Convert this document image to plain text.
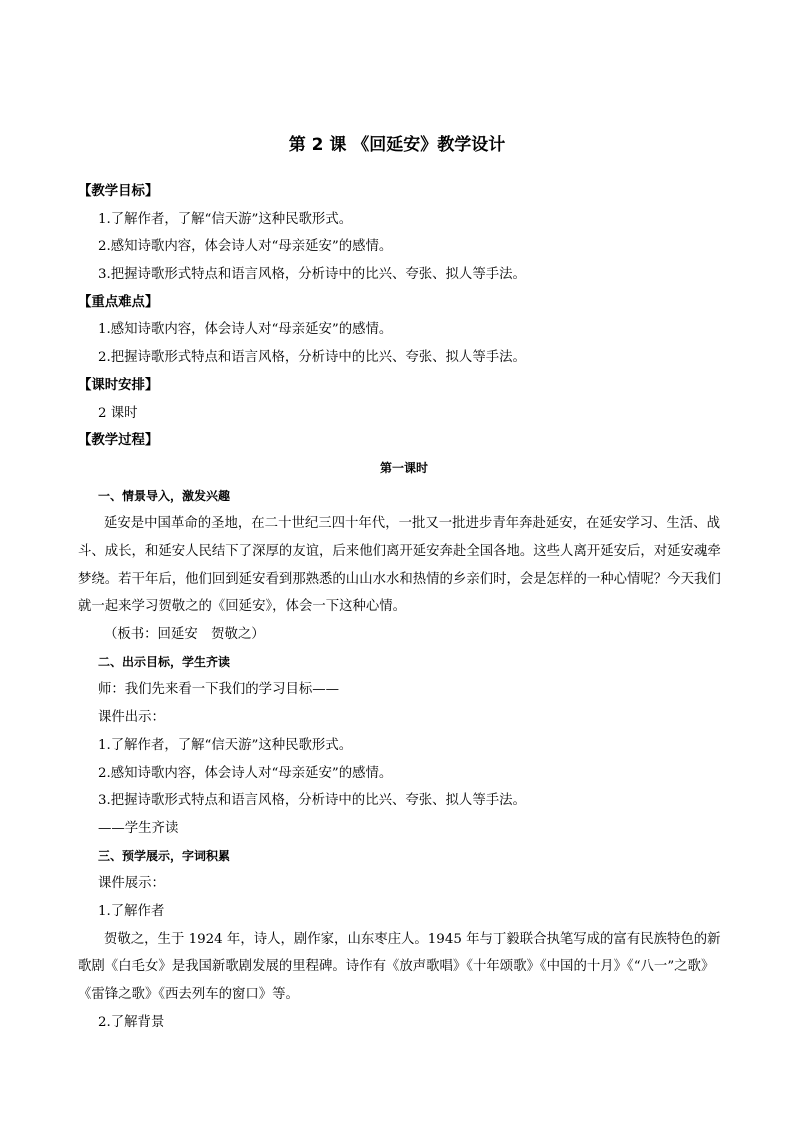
第 2 课 《回延安》教学设计
【教学目标】
1.了解作者，了解“信天游”这种民歌形式。
2.感知诗歌内容，体会诗人对“母亲延安”的感情。
3.把握诗歌形式特点和语言风格，分析诗中的比兴、夸张、拟人等手法。
【重点难点】
1.感知诗歌内容，体会诗人对“母亲延安”的感情。
2.把握诗歌形式特点和语言风格，分析诗中的比兴、夸张、拟人等手法。
【课时安排】
2 课时
【教学过程】
第一课时
一、情景导入，激发兴趣
延安是中国革命的圣地，在二十世纪三四十年代，一批又一批进步青年奔赴延安，在延安学习、生活、战斗、成长，和延安人民结下了深厚的友谊，后来他们离开延安奔赴全国各地。这些人离开延安后，对延安魂牵梦绕。若干年后，他们回到延安看到那熟悉的山山水水和热情的乡亲们时，会是怎样的一种心情呢？今天我们就一起来学习贺敬之的《回延安》，体会一下这种心情。
（板书：回延安　贺敬之）
二、出示目标，学生齐读
师：我们先来看一下我们的学习目标——
课件出示：
1.了解作者，了解“信天游”这种民歌形式。
2.感知诗歌内容，体会诗人对“母亲延安”的感情。
3.把握诗歌形式特点和语言风格，分析诗中的比兴、夸张、拟人等手法。
——学生齐读
三、预学展示，字词积累
课件展示：
1.了解作者
贺敬之，生于 1924 年，诗人，剧作家，山东枣庄人。1945 年与丁毅联合执笔写成的富有民族特色的新歌剧《白毛女》是我国新歌剧发展的里程碑。诗作有《放声歌唱》《十年颂歌》《中国的十月》《“八一”之歌》《雷锋之歌》《西去列车的窗口》等。
2.了解背景
